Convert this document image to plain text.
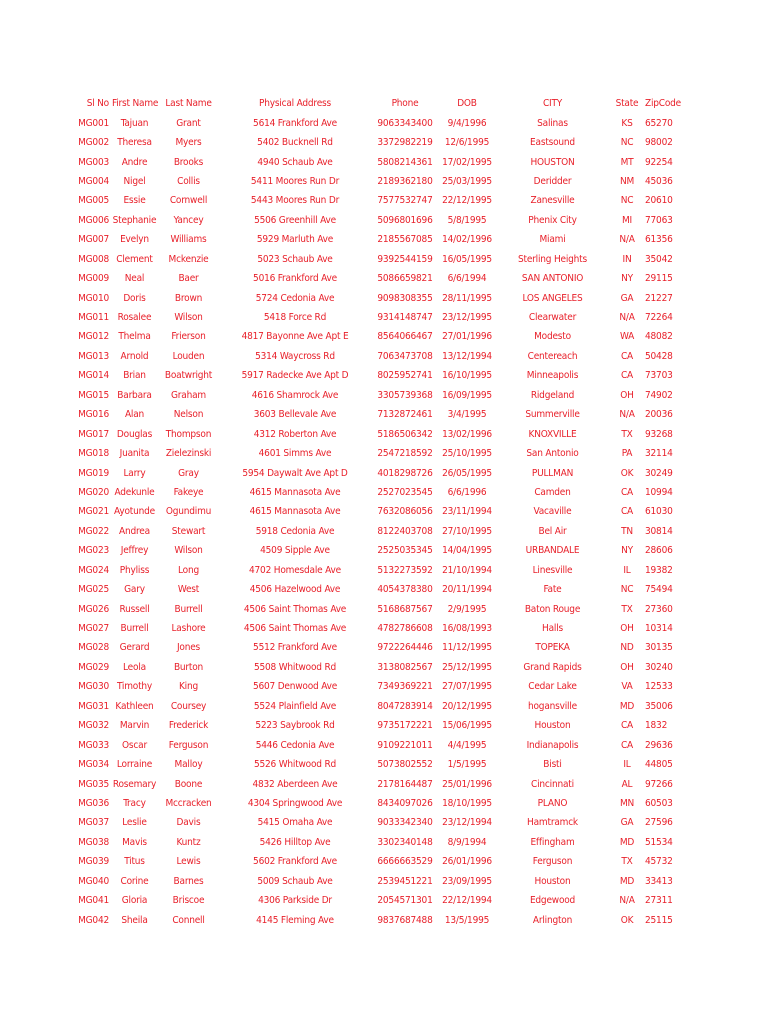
Sl No	First Name	Last Name	Physical Address	Phone	DOB	CITY	State	ZipCode
MG001	Tajuan	Grant	5614 Frankford Ave	9063343400	9/4/1996	Salinas	KS	65270
MG002	Theresa	Myers	5402 Bucknell Rd	3372982219	12/6/1995	Eastsound	NC	98002
MG003	Andre	Brooks	4940 Schaub Ave	5808214361	17/02/1995	HOUSTON	MT	92254
MG004	Nigel	Collis	5411 Moores Run Dr	2189362180	25/03/1995	Deridder	NM	45036
MG005	Essie	Cornwell	5443 Moores Run Dr	7577532747	22/12/1995	Zanesville	NC	20610
MG006	Stephanie	Yancey	5506 Greenhill Ave	5096801696	5/8/1995	Phenix City	MI	77063
MG007	Evelyn	Williams	5929 Marluth Ave	2185567085	14/02/1996	Miami	N/A	61356
MG008	Clement	Mckenzie	5023 Schaub Ave	9392544159	16/05/1995	Sterling Heights	IN	35042
MG009	Neal	Baer	5016 Frankford Ave	5086659821	6/6/1994	SAN ANTONIO	NY	29115
MG010	Doris	Brown	5724 Cedonia Ave	9098308355	28/11/1995	LOS ANGELES	GA	21227
MG011	Rosalee	Wilson	5418 Force Rd	9314148747	23/12/1995	Clearwater	N/A	72264
MG012	Thelma	Frierson	4817 Bayonne Ave Apt E	8564066467	27/01/1996	Modesto	WA	48082
MG013	Arnold	Louden	5314 Waycross Rd	7063473708	13/12/1994	Centereach	CA	50428
MG014	Brian	Boatwright	5917 Radecke Ave Apt D	8025952741	16/10/1995	Minneapolis	CA	73703
MG015	Barbara	Graham	4616 Shamrock Ave	3305739368	16/09/1995	Ridgeland	OH	74902
MG016	Alan	Nelson	3603 Bellevale Ave	7132872461	3/4/1995	Summerville	N/A	20036
MG017	Douglas	Thompson	4312 Roberton Ave	5186506342	13/02/1996	KNOXVILLE	TX	93268
MG018	Juanita	Zielezinski	4601 Simms Ave	2547218592	25/10/1995	San Antonio	PA	32114
MG019	Larry	Gray	5954 Daywalt Ave Apt D	4018298726	26/05/1995	PULLMAN	OK	30249
MG020	Adekunle	Fakeye	4615 Mannasota Ave	2527023545	6/6/1996	Camden	CA	10994
MG021	Ayotunde	Ogundimu	4615 Mannasota Ave	7632086056	23/11/1994	Vacaville	CA	61030
MG022	Andrea	Stewart	5918 Cedonia Ave	8122403708	27/10/1995	Bel Air	TN	30814
MG023	Jeffrey	Wilson	4509 Sipple Ave	2525035345	14/04/1995	URBANDALE	NY	28606
MG024	Phyliss	Long	4702 Homesdale Ave	5132273592	21/10/1994	Linesville	IL	19382
MG025	Gary	West	4506 Hazelwood Ave	4054378380	20/11/1994	Fate	NC	75494
MG026	Russell	Burrell	4506 Saint Thomas Ave	5168687567	2/9/1995	Baton Rouge	TX	27360
MG027	Burrell	Lashore	4506 Saint Thomas Ave	4782786608	16/08/1993	Halls	OH	10314
MG028	Gerard	Jones	5512 Frankford Ave	9722264446	11/12/1995	TOPEKA	ND	30135
MG029	Leola	Burton	5508 Whitwood Rd	3138082567	25/12/1995	Grand Rapids	OH	30240
MG030	Timothy	King	5607 Denwood Ave	7349369221	27/07/1995	Cedar Lake	VA	12533
MG031	Kathleen	Coursey	5524 Plainfield Ave	8047283914	20/12/1995	hogansville	MD	35006
MG032	Marvin	Frederick	5223 Saybrook Rd	9735172221	15/06/1995	Houston	CA	1832
MG033	Oscar	Ferguson	5446 Cedonia Ave	9109221011	4/4/1995	Indianapolis	CA	29636
MG034	Lorraine	Malloy	5526 Whitwood Rd	5073802552	1/5/1995	Bisti	IL	44805
MG035	Rosemary	Boone	4832 Aberdeen Ave	2178164487	25/01/1996	Cincinnati	AL	97266
MG036	Tracy	Mccracken	4304 Springwood Ave	8434097026	18/10/1995	PLANO	MN	60503
MG037	Leslie	Davis	5415 Omaha Ave	9033342340	23/12/1994	Hamtramck	GA	27596
MG038	Mavis	Kuntz	5426 Hilltop Ave	3302340148	8/9/1994	Effingham	MD	51534
MG039	Titus	Lewis	5602 Frankford Ave	6666663529	26/01/1996	Ferguson	TX	45732
MG040	Corine	Barnes	5009 Schaub Ave	2539451221	23/09/1995	Houston	MD	33413
MG041	Gloria	Briscoe	4306 Parkside Dr	2054571301	22/12/1994	Edgewood	N/A	27311
MG042	Sheila	Connell	4145 Fleming Ave	9837687488	13/5/1995	Arlington	OK	25115
